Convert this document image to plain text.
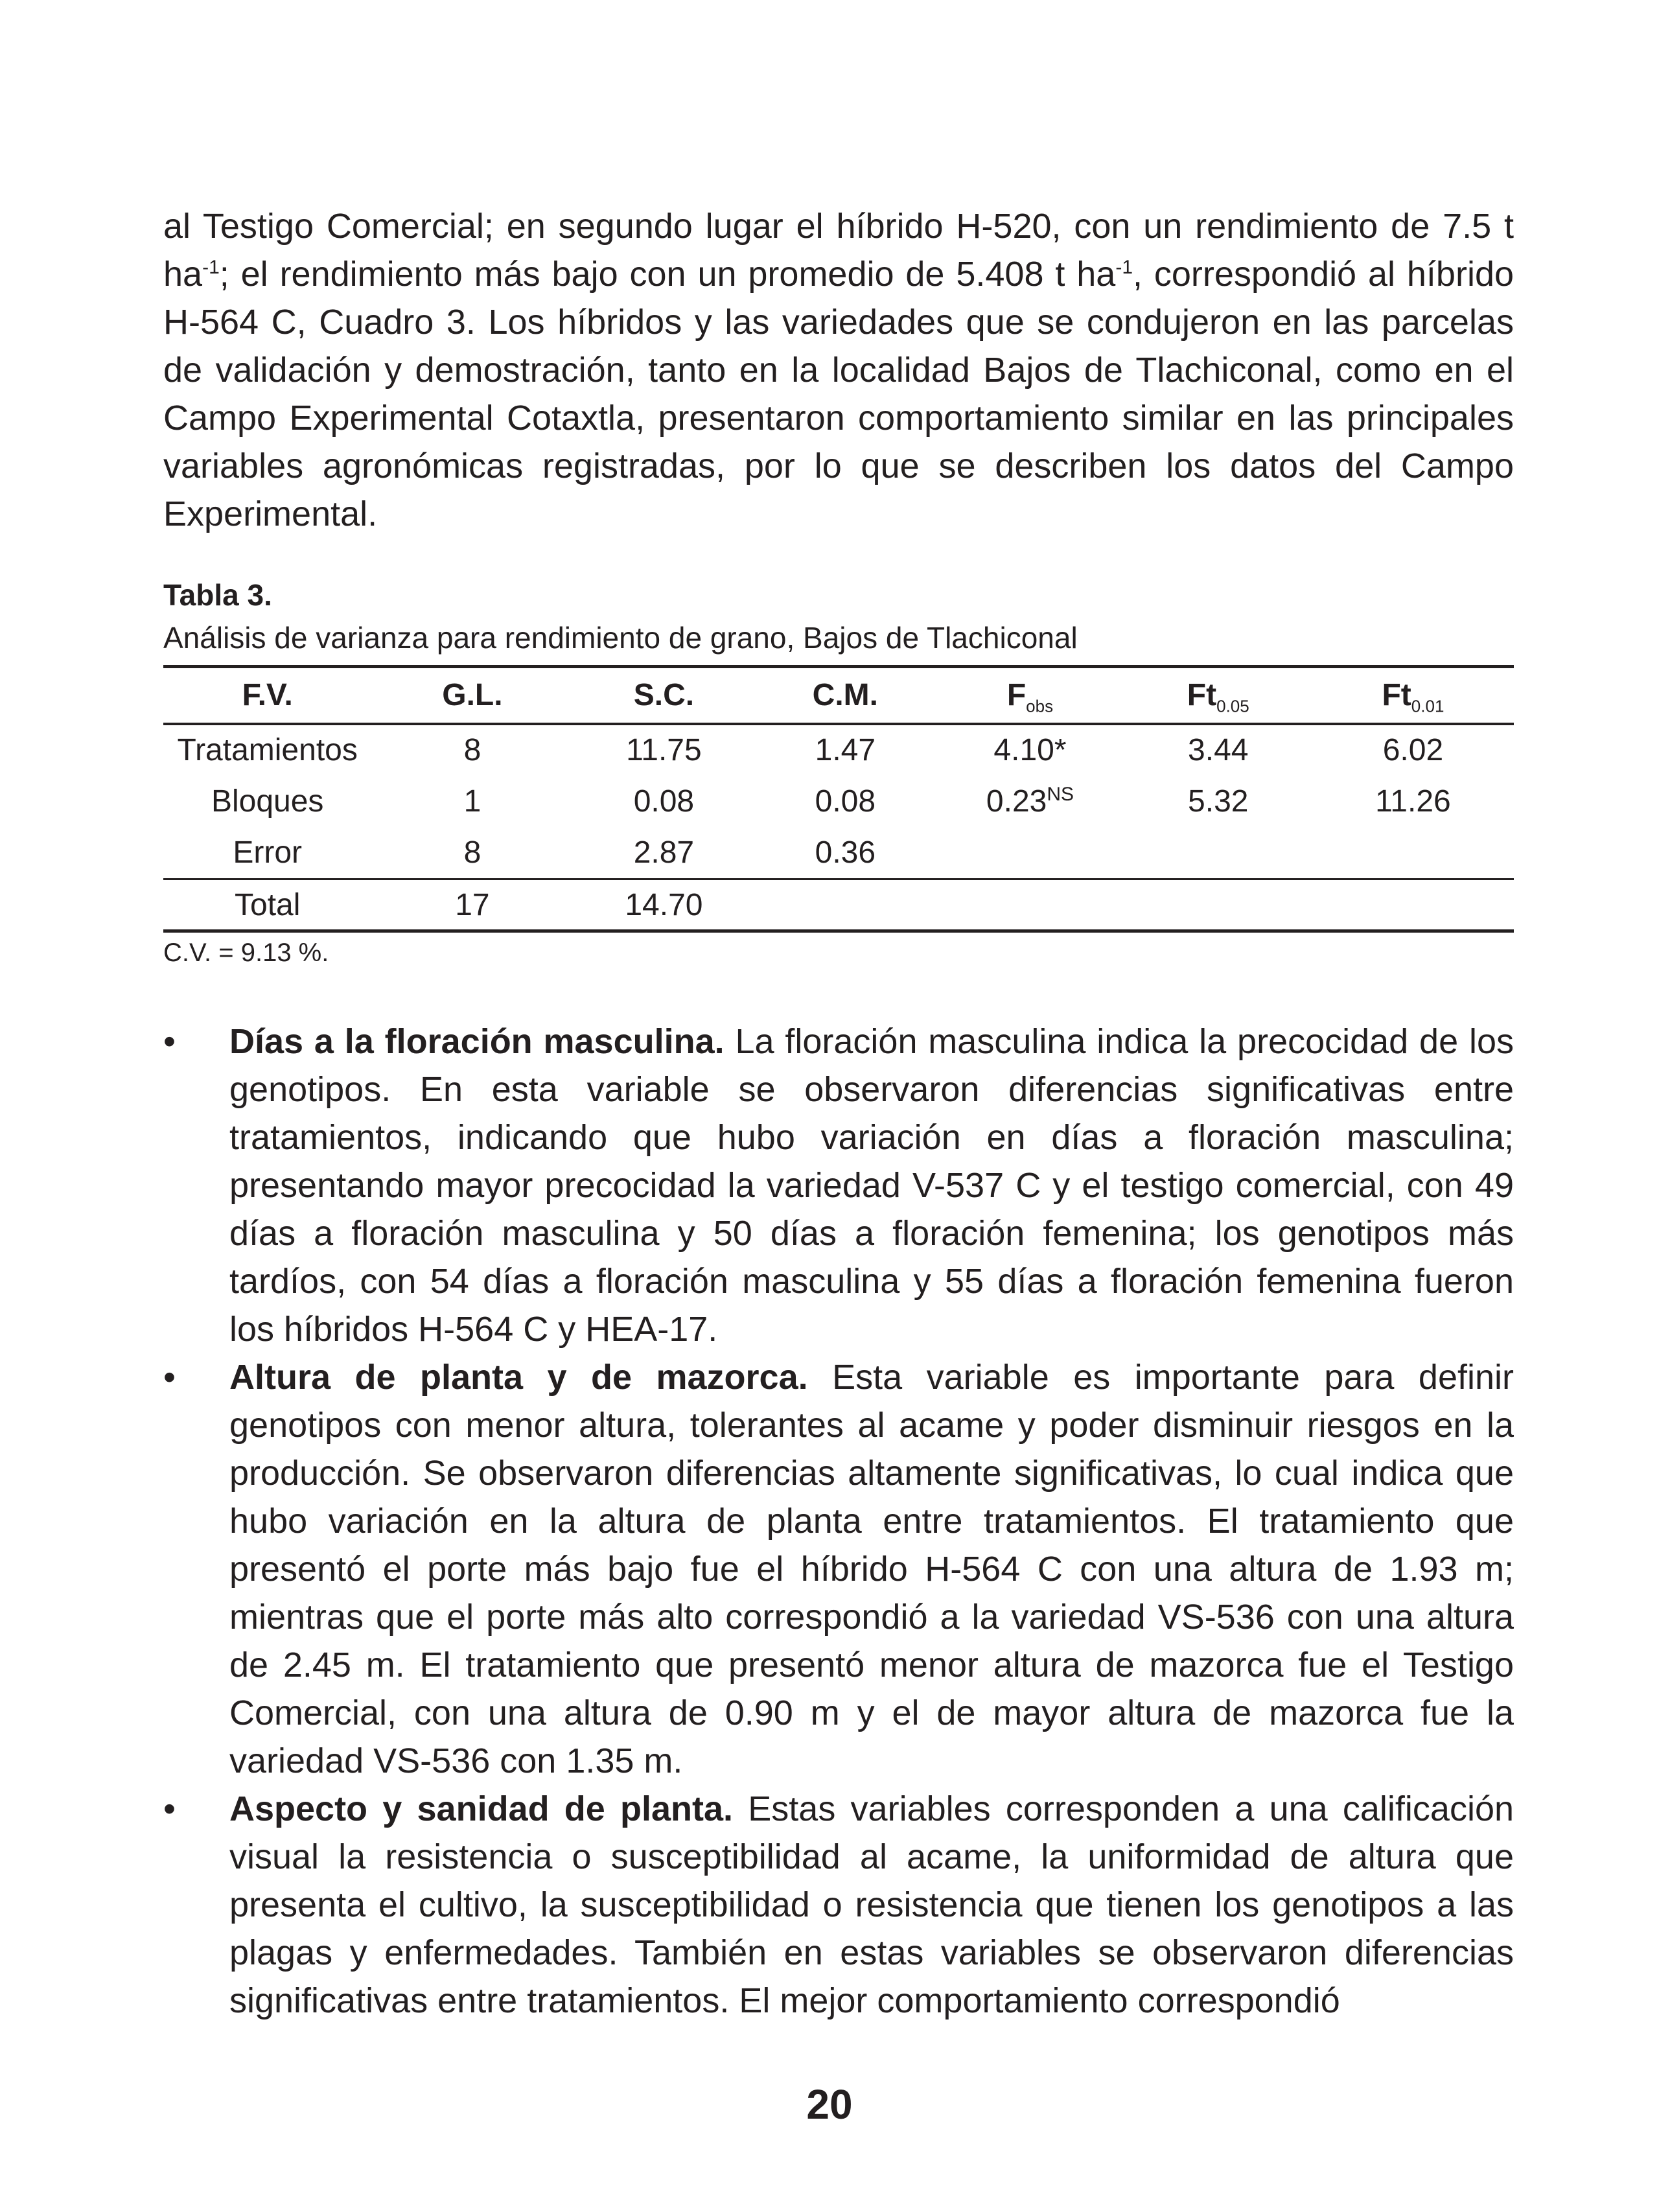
al Testigo Comercial; en segundo lugar el híbrido H-520, con un rendimiento de 7.5 t $ha^{-1}$; el rendimiento más bajo con un promedio de 5.408 t $ha^{-1}$, correspondió al híbrido H-564 C, Cuadro 3. Los híbridos y las variedades que se condujeron en las parcelas de validación y demostración, tanto en la localidad Bajos de Tlachiconal, como en el Campo Experimental Cotaxtla, presentaron comportamiento similar en las principales variables agronómicas registradas, por lo que se describen los datos del Campo Experimental.

Tabla 3.
Análisis de varianza para rendimiento de grano, Bajos de Tlachiconal
F.V.	G.L.	S.C.	C.M.	$F_{obs}$	$Ft_{0.05}$	$Ft_{0.01}$
Tratamientos	8	11.75	1.47	4.10*	3.44	6.02
Bloques	1	0.08	0.08	$0.23^{NS}$	5.32	11.26
Error	8	2.87	0.36			
Total	17	14.70				
C.V. = 9.13 %.
•	Días a la floración masculina. La floración masculina indica la precocidad de los genotipos. En esta variable se observaron diferencias significativas entre tratamientos, indicando que hubo variación en días a floración masculina; presentando mayor precocidad la variedad V-537 C y el testigo comercial, con 49 días a floración masculina y 50 días a floración femenina; los genotipos más tardíos, con 54 días a floración masculina y 55 días a floración femenina fueron los híbridos H-564 C y HEA-17.
•	Altura de planta y de mazorca. Esta variable es importante para definir genotipos con menor altura, tolerantes al acame y poder disminuir riesgos en la producción. Se observaron diferencias altamente significativas, lo cual indica que hubo variación en la altura de planta entre tratamientos. El tratamiento que presentó el porte más bajo fue el híbrido H-564 C con una altura de 1.93 m; mientras que el porte más alto correspondió a la variedad VS-536 con una altura de 2.45 m. El tratamiento que presentó menor altura de mazorca fue el Testigo Comercial, con una altura de 0.90 m y el de mayor altura de mazorca fue la variedad VS-536 con 1.35 m.
•	Aspecto y sanidad de planta. Estas variables corresponden a una calificación visual la resistencia o susceptibilidad al acame, la uniformidad de altura que presenta el cultivo, la susceptibilidad o resistencia que tienen los genotipos a las plagas y enfermedades. También en estas variables se observaron diferencias significativas entre tratamientos. El mejor comportamiento correspondió
20
